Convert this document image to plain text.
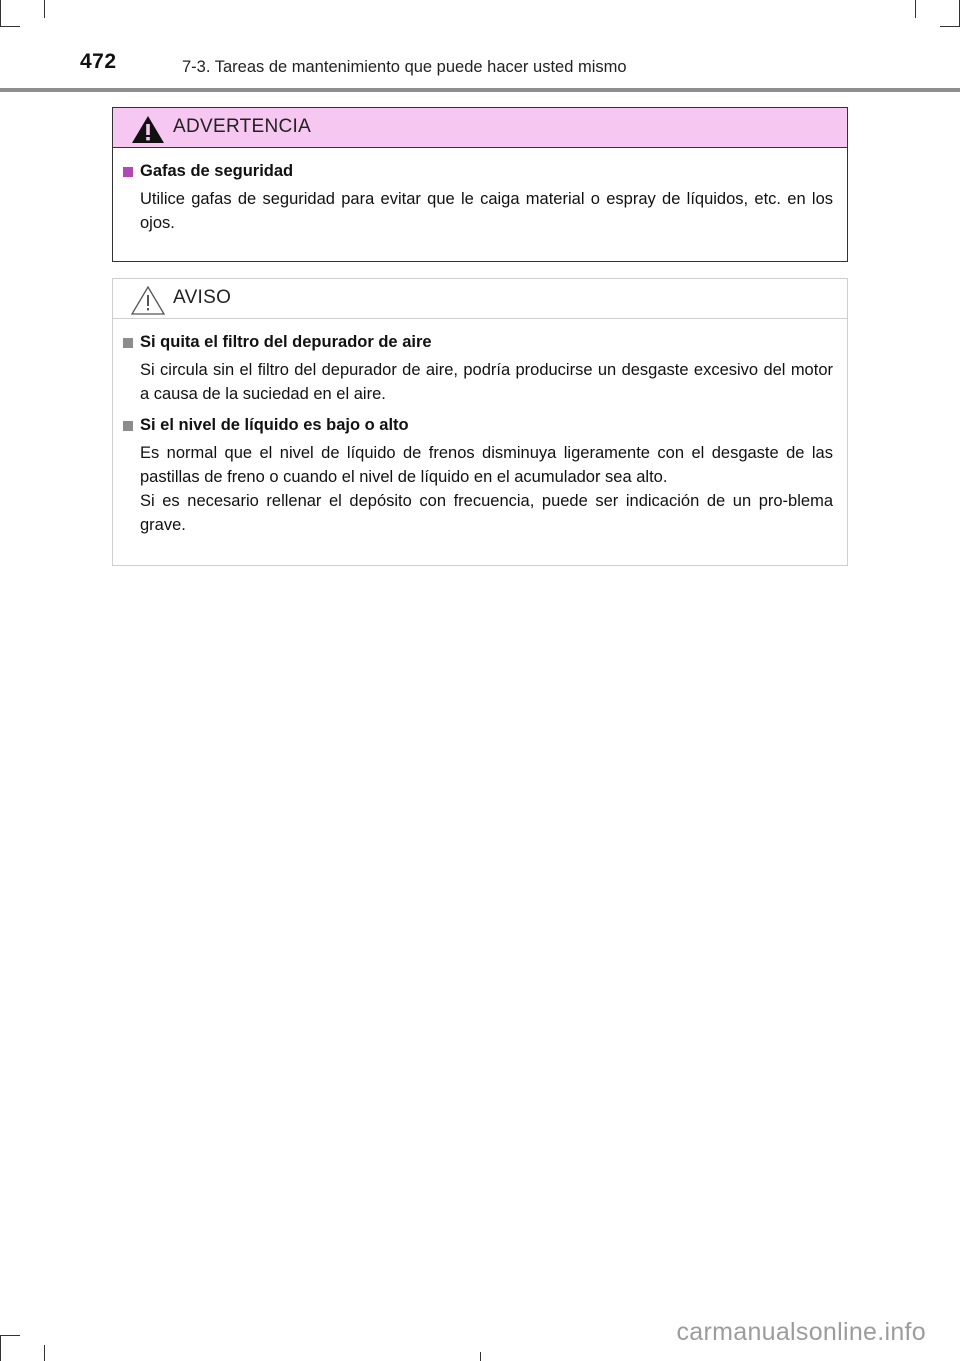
472	7-3. Tareas de mantenimiento que puede hacer usted mismo
ADVERTENCIA
Gafas de seguridad

Utilice gafas de seguridad para evitar que le caiga material o espray de líquidos, etc. en los ojos.

AVISO
Si quita el filtro del depurador de aire

Si circula sin el filtro del depurador de aire, podría producirse un desgaste excesivo del motor a causa de la suciedad en el aire.

Si el nivel de líquido es bajo o alto

Es normal que el nivel de líquido de frenos disminuya ligeramente con el desgaste de las pastillas de freno o cuando el nivel de líquido en el acumulador sea alto.

Si es necesario rellenar el depósito con frecuencia, puede ser indicación de un pro-blema grave.

carmanualsonline.info
